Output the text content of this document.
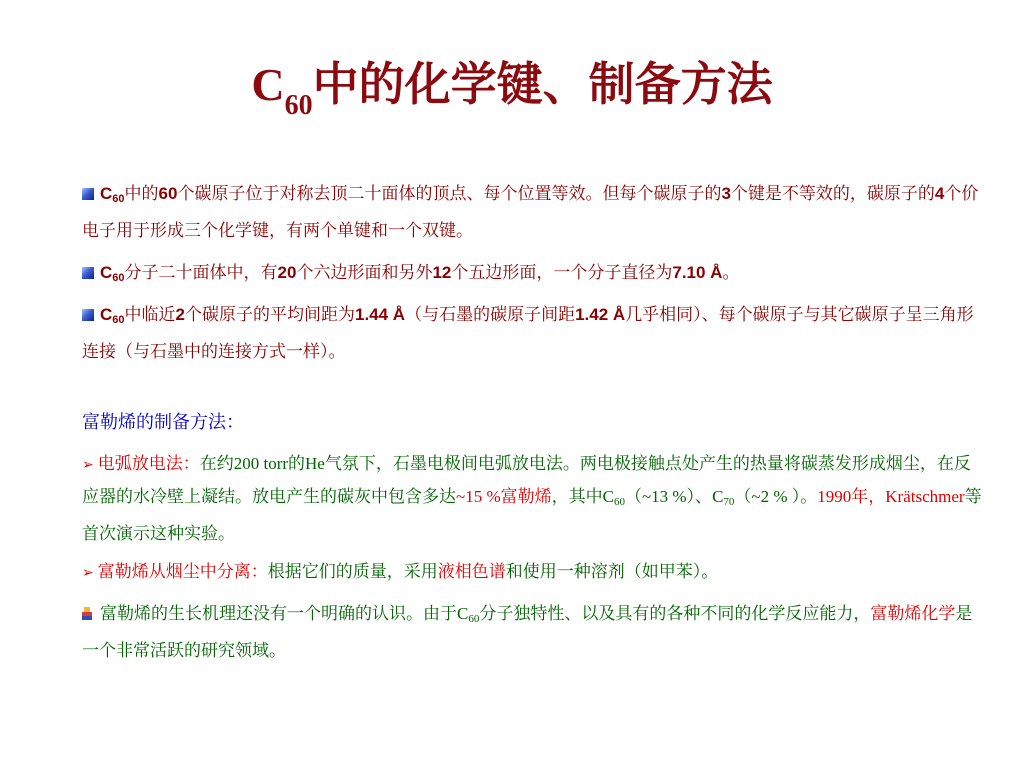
$C_{60}$中的化学键、制备方法
C60中的60个碳原子位于对称去顶二十面体的顶点、每个位置等效。但每个碳原子的3个键是不等效的，碳原子的4个价电子用于形成三个化学键，有两个单键和一个双键。
C60分子二十面体中，有20个六边形面和另外12个五边形面，一个分子直径为7.10 Å。
C60中临近2个碳原子的平均间距为1.44 Å（与石墨的碳原子间距1.42 Å几乎相同）、每个碳原子与其它碳原子呈三角形连接（与石墨中的连接方式一样）。
富勒烯的制备方法：
➢ 电弧放电法：在约200 torr的He气氛下，石墨电极间电弧放电法。两电极接触点处产生的热量将碳蒸发形成烟尘，在反应器的水冷壁上凝结。放电产生的碳灰中包含多达~15 %富勒烯，其中C60（~13 %）、C70（~2 % ）。1990年，Krätschmer等首次演示这种实验。
➢ 富勒烯从烟尘中分离：根据它们的质量，采用液相色谱和使用一种溶剂（如甲苯）。
富勒烯的生长机理还没有一个明确的认识。由于C60分子独特性、以及具有的各种不同的化学反应能力，富勒烯化学是一个非常活跃的研究领域。
